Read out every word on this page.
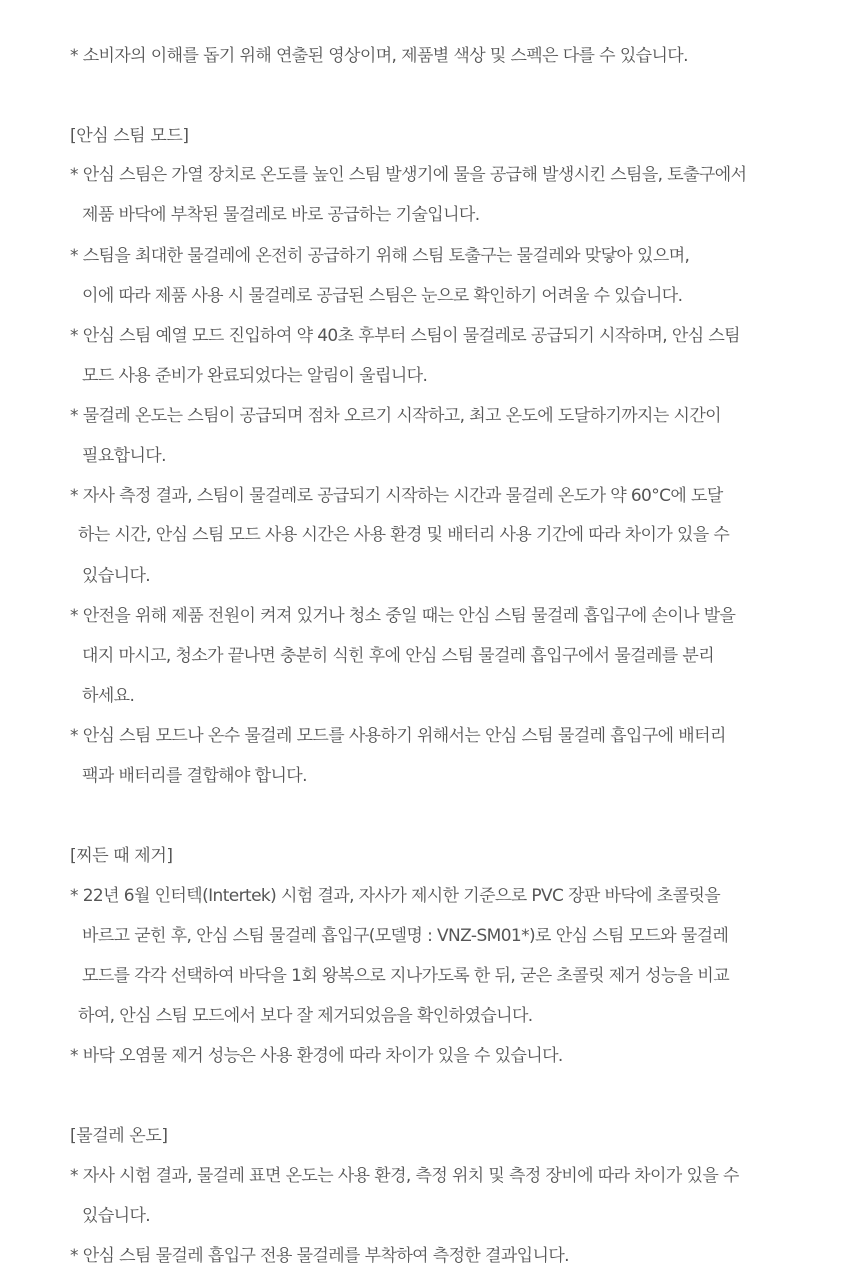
* 소비자의 이해를 돕기 위해 연출된 영상이며, 제품별 색상 및 스펙은 다를 수 있습니다.

[안심 스팀 모드]

* 안심 스팀은 가열 장치로 온도를 높인 스팀 발생기에 물을 공급해 발생시킨 스팀을, 토출구에서

제품 바닥에 부착된 물걸레로 바로 공급하는 기술입니다.

* 스팀을 최대한 물걸레에 온전히 공급하기 위해 스팀 토출구는 물걸레와 맞닿아 있으며,

이에 따라 제품 사용 시 물걸레로 공급된 스팀은 눈으로 확인하기 어려울 수 있습니다.

* 안심 스팀 예열 모드 진입하여 약 40초 후부터 스팀이 물걸레로 공급되기 시작하며, 안심 스팀

모드 사용 준비가 완료되었다는 알림이 울립니다.

* 물걸레 온도는 스팀이 공급되며 점차 오르기 시작하고, 최고 온도에 도달하기까지는 시간이

필요합니다.

* 자사 측정 결과, 스팀이 물걸레로 공급되기 시작하는 시간과 물걸레 온도가 약 60°C에 도달

하는 시간, 안심 스팀 모드 사용 시간은 사용 환경 및 배터리 사용 기간에 따라 차이가 있을 수

있습니다.

* 안전을 위해 제품 전원이 켜져 있거나 청소 중일 때는 안심 스팀 물걸레 흡입구에 손이나 발을

대지 마시고, 청소가 끝나면 충분히 식힌 후에 안심 스팀 물걸레 흡입구에서 물걸레를 분리

하세요.

* 안심 스팀 모드나 온수 물걸레 모드를 사용하기 위해서는 안심 스팀 물걸레 흡입구에 배터리

팩과 배터리를 결합해야 합니다.

[찌든 때 제거]

* 22년 6월 인터텍(Intertek) 시험 결과, 자사가 제시한 기준으로 PVC 장판 바닥에 초콜릿을

바르고 굳힌 후, 안심 스팀 물걸레 흡입구(모델명 : VNZ-SM01*)로 안심 스팀 모드와 물걸레

모드를 각각 선택하여 바닥을 1회 왕복으로 지나가도록 한 뒤, 굳은 초콜릿 제거 성능을 비교

하여, 안심 스팀 모드에서 보다 잘 제거되었음을 확인하였습니다.

* 바닥 오염물 제거 성능은 사용 환경에 따라 차이가 있을 수 있습니다.

[물걸레 온도]

* 자사 시험 결과, 물걸레 표면 온도는 사용 환경, 측정 위치 및 측정 장비에 따라 차이가 있을 수

있습니다.

* 안심 스팀 물걸레 흡입구 전용 물걸레를 부착하여 측정한 결과입니다.
